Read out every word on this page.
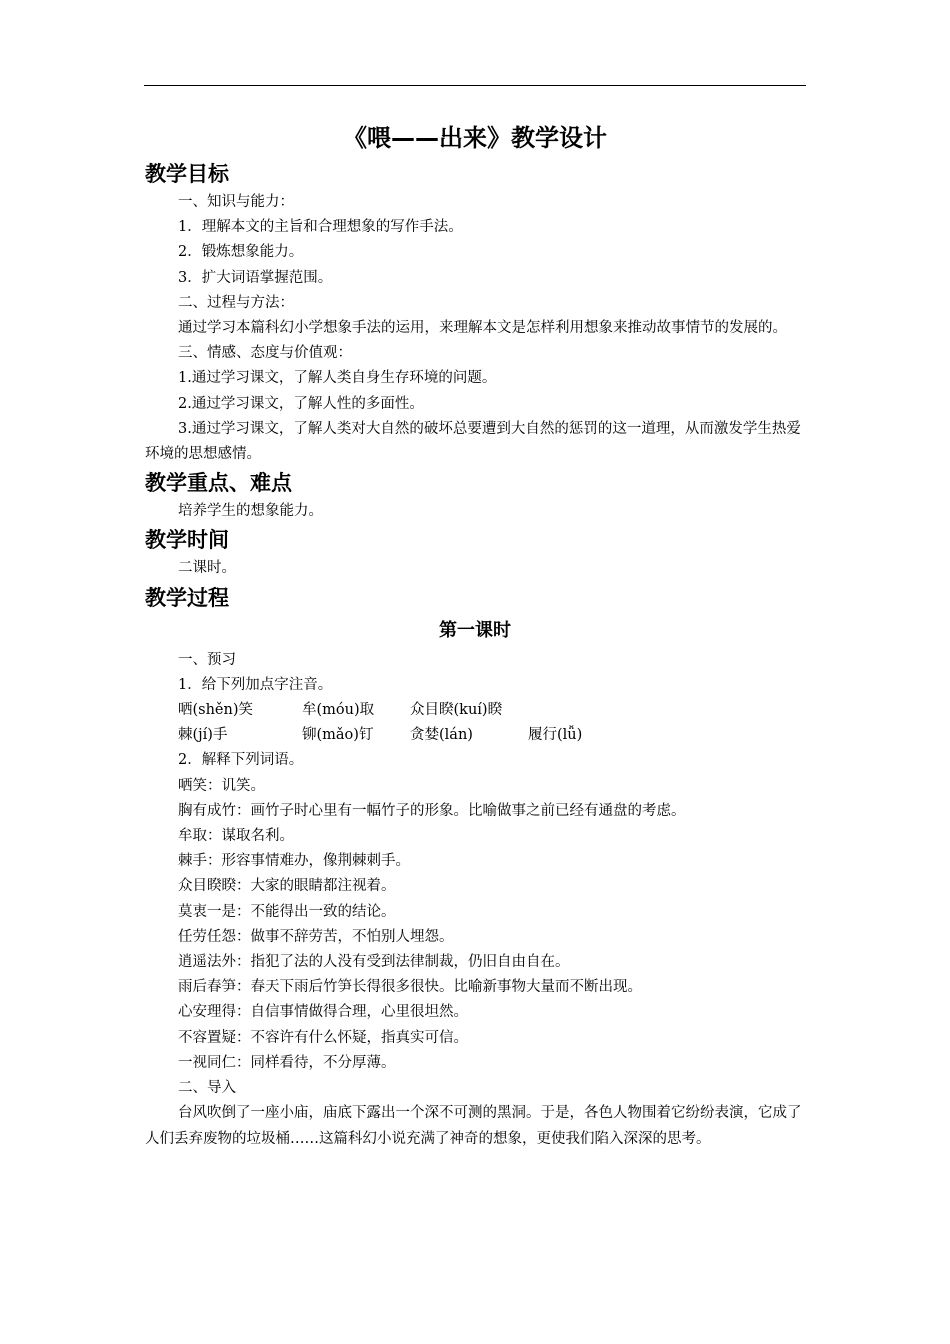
《喂——出来》教学设计
教学目标

一、知识与能力：

1．理解本文的主旨和合理想象的写作手法。

2．锻炼想象能力。

3．扩大词语掌握范围。

二、过程与方法：

通过学习本篇科幻小学想象手法的运用，来理解本文是怎样利用想象来推动故事情节的发展的。

三、情感、态度与价值观：

1.通过学习课文，了解人类自身生存环境的问题。

2.通过学习课文，了解人性的多面性。

3.通过学习课文，了解人类对大自然的破坏总要遭到大自然的惩罚的这一道理，从而激发学生热爱环境的思想感情。

教学重点、难点

培养学生的想象能力。

教学时间

二课时。

教学过程
第一课时

一、预习

1．给下列加点字注音。

哂(shěn)笑	牟(móu)取	众目睽(kuí)睽
棘(jí)手	铆(mǎo)钉	贪婪(lán)	履行(lǚ)

2．解释下列词语。

哂笑：讥笑。

胸有成竹：画竹子时心里有一幅竹子的形象。比喻做事之前已经有通盘的考虑。

牟取：谋取名利。

棘手：形容事情难办，像荆棘刺手。

众目睽睽：大家的眼睛都注视着。

莫衷一是：不能得出一致的结论。

任劳任怨：做事不辞劳苦，不怕别人埋怨。

逍遥法外：指犯了法的人没有受到法律制裁，仍旧自由自在。

雨后春笋：春天下雨后竹笋长得很多很快。比喻新事物大量而不断出现。

心安理得：自信事情做得合理，心里很坦然。

不容置疑：不容许有什么怀疑，指真实可信。

一视同仁：同样看待，不分厚薄。

二、导入

台风吹倒了一座小庙，庙底下露出一个深不可测的黑洞。于是，各色人物围着它纷纷表演，它成了人们丢弃废物的垃圾桶……这篇科幻小说充满了神奇的想象，更使我们陷入深深的思考。
